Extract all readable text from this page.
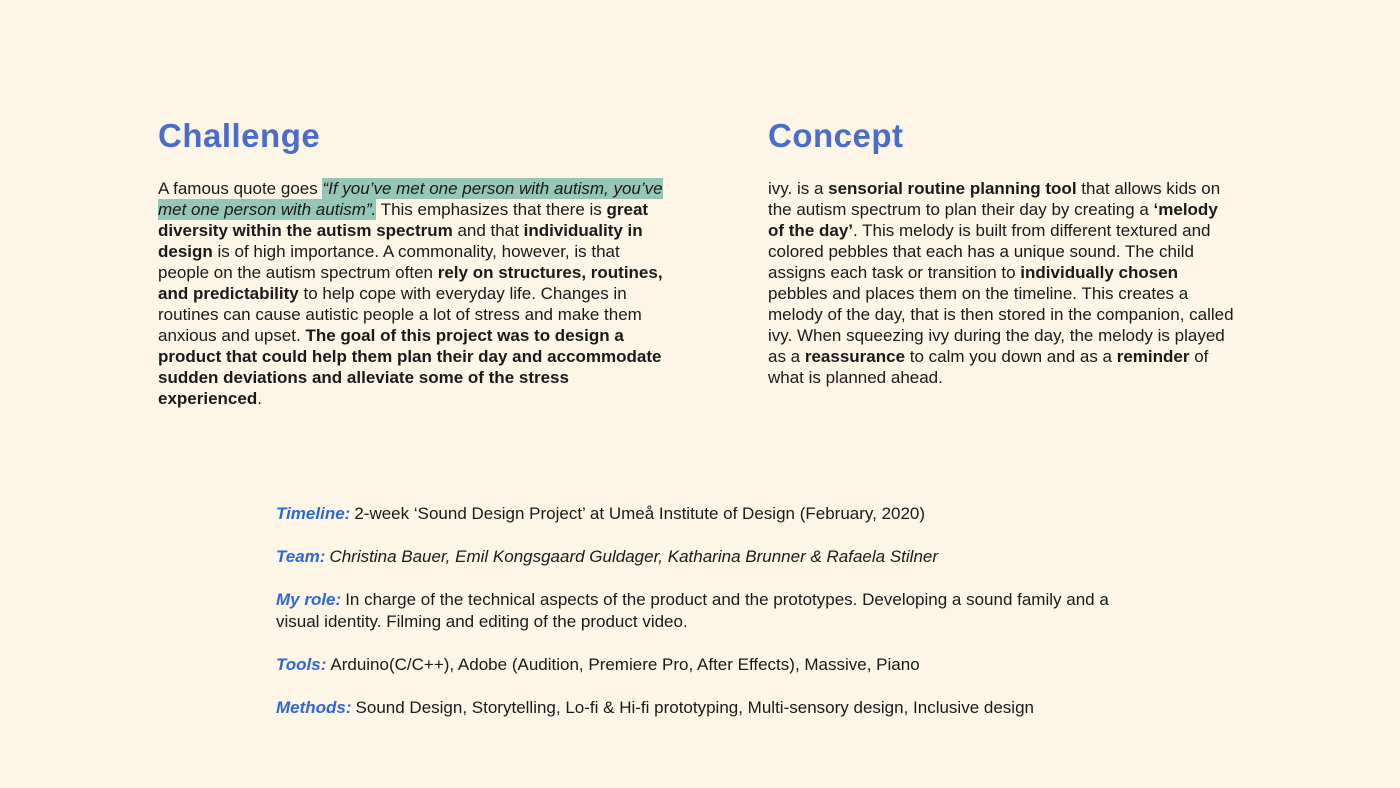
Challenge

A famous quote goes “If you’ve met one person with autism, you’ve met one person with autism”. This emphasizes that there is great diversity within the autism spectrum and that individuality in design is of high importance. A commonality, however, is that people on the autism spectrum often rely on structures, routines, and predictability to help cope with everyday life. Changes in routines can cause autistic people a lot of stress and make them anxious and upset. The goal of this project was to design a product that could help them plan their day and accommodate sudden deviations and alleviate some of the stress experienced.

Concept

ivy. is a sensorial routine planning tool that allows kids on the autism spectrum to plan their day by creating a ‘melody of the day’. This melody is built from different textured and colored pebbles that each has a unique sound. The child assigns each task or transition to individually chosen pebbles and places them on the timeline. This creates a melody of the day, that is then stored in the companion, called ivy. When squeezing ivy during the day, the melody is played as a reassurance to calm you down and as a reminder of what is planned ahead.

Timeline: 2-week ‘Sound Design Project’ at Umeå Institute of Design (February, 2020)

Team: Christina Bauer, Emil Kongsgaard Guldager, Katharina Brunner & Rafaela Stilner

My role: In charge of the technical aspects of the product and the prototypes. Developing a sound family and a visual identity. Filming and editing of the product video.

Tools: Arduino(C/C++), Adobe (Audition, Premiere Pro, After Effects), Massive, Piano

Methods: Sound Design, Storytelling, Lo-fi & Hi-fi prototyping, Multi-sensory design, Inclusive design
